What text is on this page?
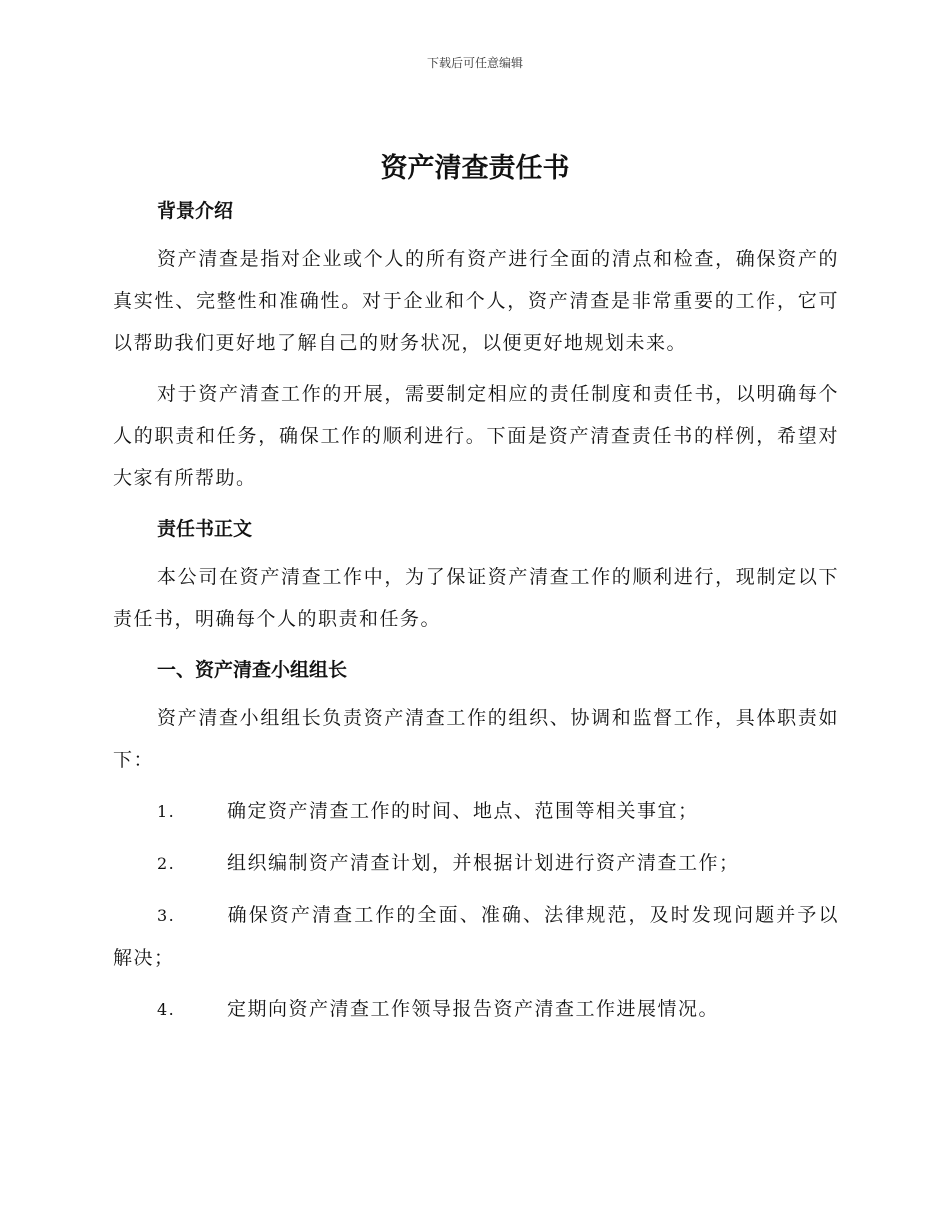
下载后可任意编辑
资产清查责任书
背景介绍

资产清查是指对企业或个人的所有资产进行全面的清点和检查，确保资产的真实性、完整性和准确性。对于企业和个人，资产清查是非常重要的工作，它可以帮助我们更好地了解自己的财务状况，以便更好地规划未来。

对于资产清查工作的开展，需要制定相应的责任制度和责任书，以明确每个人的职责和任务，确保工作的顺利进行。下面是资产清查责任书的样例，希望对大家有所帮助。

责任书正文

本公司在资产清查工作中，为了保证资产清查工作的顺利进行，现制定以下责任书，明确每个人的职责和任务。

一、资产清查小组组长

资产清查小组组长负责资产清查工作的组织、协调和监督工作，具体职责如下：

1.	确定资产清查工作的时间、地点、范围等相关事宜；
2.	组织编制资产清查计划，并根据计划进行资产清查工作；
3.	确保资产清查工作的全面、准确、法律规范，及时发现问题并予以解决；
4.	定期向资产清查工作领导报告资产清查工作进展情况。
